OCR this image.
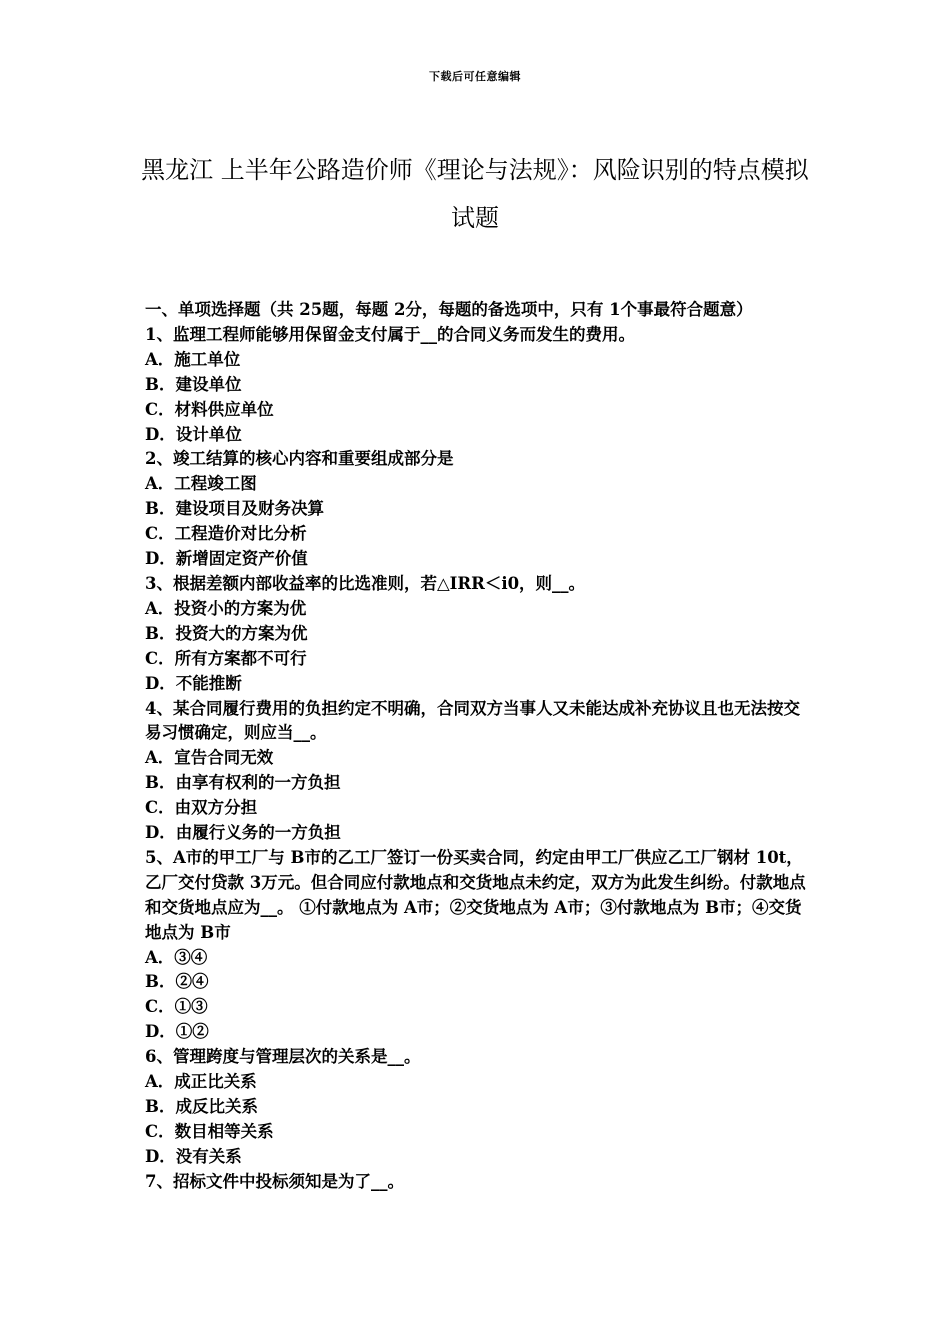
下载后可任意编辑
黑龙江 上半年公路造价师《理论与法规》：风险识别的特点模拟试题

一、单项选择题（共 25题，每题 2分，每题的备选项中，只有 1个事最符合题意）

1、监理工程师能够用保留金支付属于__的合同义务而发生的费用。

A．施工单位

B．建设单位

C．材料供应单位

D．设计单位

2、竣工结算的核心内容和重要组成部分是

A．工程竣工图

B．建设项目及财务决算

C．工程造价对比分析

D．新增固定资产价值

3、根据差额内部收益率的比选准则，若△IRR＜i0，则__。

A．投资小的方案为优

B．投资大的方案为优

C．所有方案都不可行

D．不能推断

4、某合同履行费用的负担约定不明确，合同双方当事人又未能达成补充协议且也无法按交易习惯确定，则应当__。

A．宣告合同无效

B．由享有权利的一方负担

C．由双方分担

D．由履行义务的一方负担

5、A市的甲工厂与 B市的乙工厂签订一份买卖合同，约定由甲工厂供应乙工厂钢材 10t，乙厂交付贷款 3万元。但合同应付款地点和交货地点未约定，双方为此发生纠纷。付款地点和交货地点应为__。 ①付款地点为 A市；②交货地点为 A市；③付款地点为 B市；④交货地点为 B市

A．③④

B．②④

C．①③

D．①②

6、管理跨度与管理层次的关系是__。

A．成正比关系

B．成反比关系

C．数目相等关系

D．没有关系

7、招标文件中投标须知是为了__。
